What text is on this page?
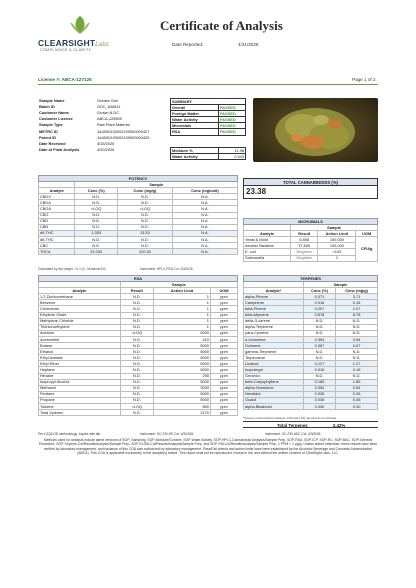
CLEARSIGHTLabs
COMPLIANCE & CLARITY
Certificate of Analysis
Date Reported:	4/31/2026
License #: ABCA-127126	Page 1 of 2
Sample Name	Grease Gun
Batch ID	GDC_635811
Customer Name	Grown N.DC
Customer License	ABCA-126559
Sample Type	Raw Plant Material
METRC ID	1A4090100002199000000427
Parent ID	1A4090100002199000000425
Date Received	4/15/2026
Date of Final Analysis	4/20/2026
SUMMARY	
Overall	PASSED
Foreign Matter	PASSED
Water Activity	PASSED
Microbials	PASSED
RSA	PASSED
Moisture %	11.98
Water Activity	0.543
POTENCY			
	Sample		
Analyte	Conc (%)	Conc (mg/g)	Conc (mg/unit)
CBDV	N.D.	N.D.	N.A.
CBDA	N.D.	N.D.	N.A.
CBGA	<LOQ	<LOQ	N.A.
CBG	N.D.	N.D.	N.A.
CBD	N.D.	N.D.	N.A.
CBN	N.D.	N.D.	N.A.
d9-THC	1.353	13.53	N.A.
d8-THC	N.D.	N.D.	N.A.
CBC	N.D.	N.D.	N.A.
THCA	22.030	220.30	N.A.
Calculated by dry weight - N / LQ : Moisture/100	Instrument: HPLC-PDA Col: 4/3/2026
TOTAL CANNABINOIDS (%)
23.38
MICROBIALS			
	Sample		
Analyte	Result	Action Limit	UOM
Yeast & Mold	5,806	100,000	CFU/g
Aerobic Bacteria	37,609	100,000	
E. coli	Negative	<100	
Salmonella	Negative	1	
RSA			
	Sample		
Analyte	Result	Action Limit	UOM
1,2-Dichloroethane	N.D.	1	ppm
Benzene	N.D.	1	ppm
Chloroform	N.D.	1	ppm
Ethylene Oxide	N.D.	1	ppm
Methylene Chloride	N.D.	1	ppm
Trichloroethylene	N.D.	1	ppm
Acetone	<LOQ	5000	ppm
Acetonitrile	N.D.	410	ppm
Butane	N.D.	5000	ppm
Ethanol	N.D.	5000	ppm
Ethyl Acetate	N.D.	5000	ppm
Ethyl Ether	N.D.	5000	ppm
Heptane	N.D.	5000	ppm
Hexane	N.D.	290	ppm
Isopropyl Alcohol	N.D.	5000	ppm
Methanol	N.D.	3000	ppm
Pentane	N.D.	5000	ppm
Propane	N.D.	5000	ppm
Toluene	<LOQ	890	ppm
Total Xylenes	N.D.	2170	ppm
TERPENES		
	Sample	
Analyte*	Conc (%)	Conc (mg/g)
alpha-Pinene	0.371	3.71
Camphene	0.016	0.16
beta-Pinene	0.207	2.07
beta-Myrcene	0.878	8.78
delta-3-carene	N.D.	N.D.
alpha-Terpinene	N.D.	N.D.
para-Cymene	N.D.	N.D.
d-Limonene	0.394	3.94
Ocimene	0.067	0.67
gamma-Terpinene	N.D.	N.D.
Terpinolene	N.D.	N.D.
Linalool	0.127	1.27
Isopulegol	0.016	0.16
Geraniol	N.D.	N.D.
beta-Caryophyllene	0.185	1.85
alpha-Humulene	0.054	0.54
Nerolidol	0.026	0.26
Guaiol	0.045	0.45
alpha-Bisabolol	0.030	0.30
*Terpene concentrations between LOD and LOQ reported as an estimate
Total Terpenes	2.42%
Per LOQ/LOD methodology, Inquire with lab	Instrument: GC-FID-HS Col: 4/3/2026	Instrument: GC-FID-ADC Col: 4/3/2026
Methods used for analysis include latest versions of SOP_Sampling, SOP-Moisture/Content, SOP-Water Activity, SOP-HPLC-Cannabinoid Analysis/Sample Prep, SOP-RSA, SOP-ICP, SOP-RC, SOP-BAC, SOP-General Procedure, SOP-Terpene-Col/Results/Analysis/Sample Prep, SOP-ELISA-Col/Results/Analysis/Sample Prep, and SOP-PM-Col/Results/Analysis/Sample Prep. 1 PPM = 1 µg/g. Unless stated otherwise, these results have been verified by laboratory management, and issuance of this COA was authorized by laboratory management. Pass/Fail criteria and action limits have been established by the Alcoholic Beverage and Cannabis Administration (ABCA). This COA is applicable exclusively to the sample(s) tested. This report shall not be reproduced, except in full, and without the written consent of ClearSight Labs, LLC.
